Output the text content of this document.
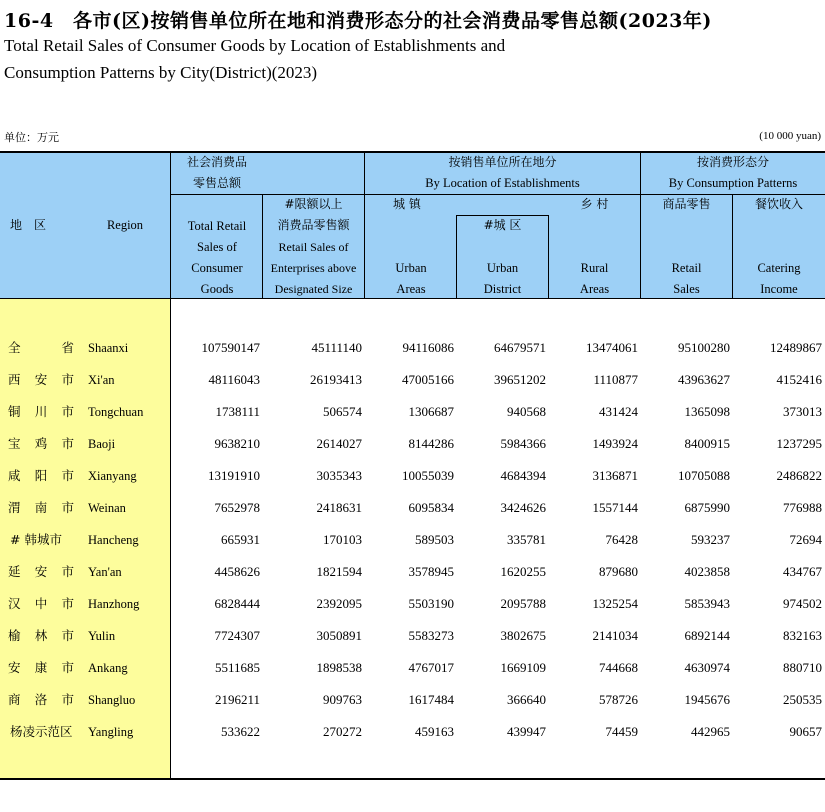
16-4　各市(区)按销售单位所在地和消费形态分的社会消费品零售总额(2023年)
Total Retail Sales of Consumer Goods by Location of Establishments and
Consumption Patterns by City(District)(2023)
单位：万元	(10 000 yuan)
地　区	Region
社会消费品
零售总额
Total Retail
Sales of
Consumer
Goods
#限额以上
消费品零售额
Retail Sales of
Enterprises above
Designated Size
按销售单位所在地分
By Location of Establishments
城 镇
Urban
Areas
#城 区
Urban
District
乡 村
Rural
Areas
按消费形态分
By Consumption Patterns
商品零售
Retail
Sales
餐饮收入
Catering
Income
全省 Shaanxi	107590147	45111140	94116086	64679571	13474061	95100280	12489867
西安市 Xi'an	48116043	26193413	47005166	39651202	1110877	43963627	4152416
铜川市 Tongchuan	1738111	506574	1306687	940568	431424	1365098	373013
宝鸡市 Baoji	9638210	2614027	8144286	5984366	1493924	8400915	1237295
咸阳市 Xianyang	13191910	3035343	10055039	4684394	3136871	10705088	2486822
渭南市 Weinan	7652978	2418631	6095834	3424626	1557144	6875990	776988
# 韩城市	Hancheng	665931	170103	589503	335781	76428	593237	72694
延安市 Yan'an	4458626	1821594	3578945	1620255	879680	4023858	434767
汉中市 Hanzhong	6828444	2392095	5503190	2095788	1325254	5853943	974502
榆林市 Yulin	7724307	3050891	5583273	3802675	2141034	6892144	832163
安康市 Ankang	5511685	1898538	4767017	1669109	744668	4630974	880710
商洛市 Shangluo	2196211	909763	1617484	366640	578726	1945676	250535
杨凌示范区 Yangling	533622	270272	459163	439947	74459	442965	90657
